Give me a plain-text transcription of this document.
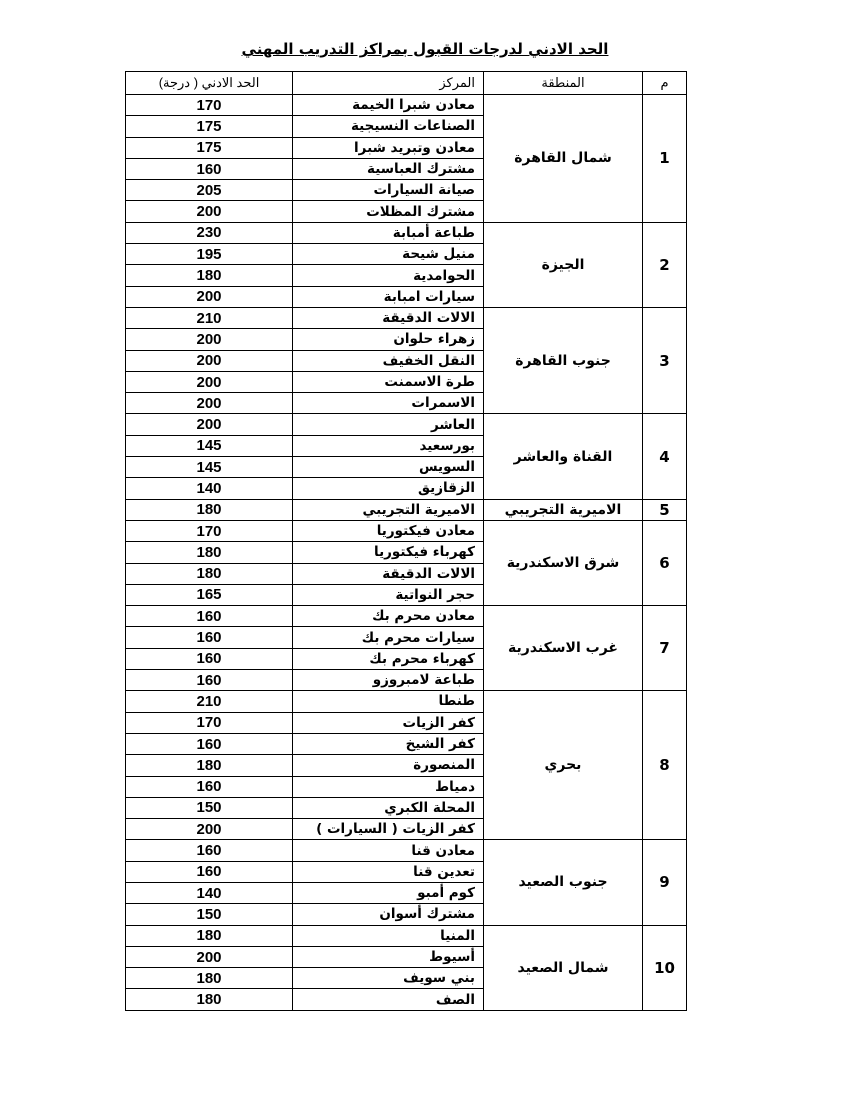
الحد الادني لدرجات القبول بمراكز التدريب المهني
م	المنطقة	المركز	الحد الادني ( درجة)
1	شمال القاهرة	معادن شبرا الخيمة	170
		الصناعات النسيجية	175
		معادن وتبريد شبرا	175
		مشترك العباسية	160
		صيانة السيارات	205
		مشترك المظلات	200
2	الجيزة	طباعة أمبابة	230
		منيل شيحة	195
		الحوامدية	180
		سيارات امبابة	200
3	جنوب القاهرة	الالات الدقيقة	210
		زهراء حلوان	200
		النقل الخفيف	200
		طرة الاسمنت	200
		الاسمرات	200
4	القناة والعاشر	العاشر	200
		بورسعيد	145
		السويس	145
		الزقازيق	140
5	الاميرية التجريبي	الاميرية التجريبي	180
6	شرق الاسكندرية	معادن فيكتوريا	170
		كهرباء فيكتوريا	180
		الالات الدقيقة	180
		حجر النواتية	165
7	غرب الاسكندرية	معادن محرم بك	160
		سيارات محرم بك	160
		كهرباء محرم بك	160
		طباعة لامبروزو	160
8	بحري	طنطا	210
		كفر الزيات	170
		كفر الشيخ	160
		المنصورة	180
		دمياط	160
		المحلة الكبري	150
		كفر الزيات ( السيارات )	200
9	جنوب الصعيد	معادن قنا	160
		تعدين قنا	160
		كوم أمبو	140
		مشترك أسوان	150
10	شمال الصعيد	المنيا	180
		أسيوط	200
		بني سويف	180
		الصف	180
